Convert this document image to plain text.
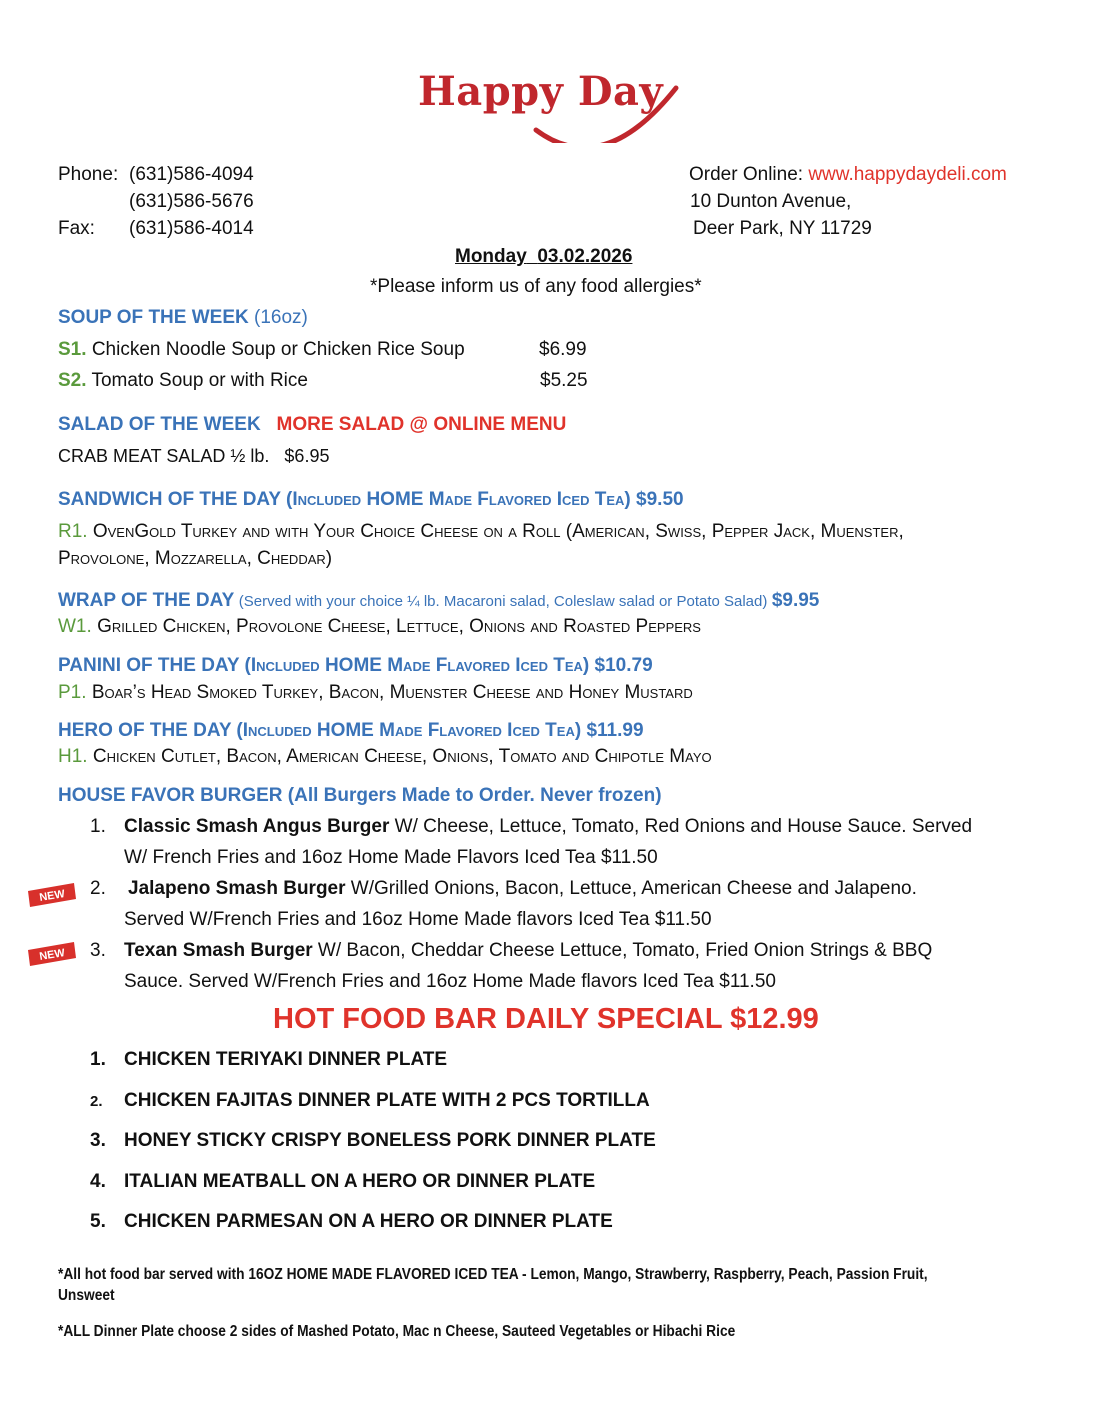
Happy Day
Phone: (631)586-4094
(631)586-5676
Fax: (631)586-4014
Order Online: www.happydaydeli.com
10 Dunton Avenue,
Deer Park, NY 11729
Monday 03.02.2026
*Please inform us of any food allergies*
SOUP OF THE WEEK (16oz)
S1. Chicken Noodle Soup or Chicken Rice Soup	$6.99
S2. Tomato Soup or with Rice	$5.25
SALAD OF THE WEEK MORE SALAD @ ONLINE MENU
CRAB MEAT SALAD ½ lb. $6.95
SANDWICH OF THE DAY (Included HOME Made Flavored Iced Tea) $9.50
R1. OvenGold Turkey and with Your Choice Cheese on a Roll (American, Swiss, Pepper Jack, Muenster,
Provolone, Mozzarella, Cheddar)
WRAP OF THE DAY (Served with your choice ¼ lb. Macaroni salad, Coleslaw salad or Potato Salad) $9.95
W1. Grilled Chicken, Provolone Cheese, Lettuce, Onions and Roasted Peppers
PANINI OF THE DAY (Included HOME Made Flavored Iced Tea) $10.79
P1. Boar’s Head Smoked Turkey, Bacon, Muenster Cheese and Honey Mustard
HERO OF THE DAY (Included HOME Made Flavored Iced Tea) $11.99
H1. Chicken Cutlet, Bacon, American Cheese, Onions, Tomato and Chipotle Mayo
HOUSE FAVOR BURGER (All Burgers Made to Order. Never frozen)
1. Classic Smash Angus Burger W/ Cheese, Lettuce, Tomato, Red Onions and House Sauce. Served
W/ French Fries and 16oz Home Made Flavors Iced Tea $11.50
NEW 2. Jalapeno Smash Burger W/Grilled Onions, Bacon, Lettuce, American Cheese and Jalapeno.
Served W/French Fries and 16oz Home Made flavors Iced Tea $11.50
NEW 3. Texan Smash Burger W/ Bacon, Cheddar Cheese Lettuce, Tomato, Fried Onion Strings & BBQ
Sauce. Served W/French Fries and 16oz Home Made flavors Iced Tea $11.50
HOT FOOD BAR DAILY SPECIAL $12.99
1. CHICKEN TERIYAKI DINNER PLATE
2. CHICKEN FAJITAS DINNER PLATE WITH 2 PCS TORTILLA
3. HONEY STICKY CRISPY BONELESS PORK DINNER PLATE
4. ITALIAN MEATBALL ON A HERO OR DINNER PLATE
5. CHICKEN PARMESAN ON A HERO OR DINNER PLATE
*All hot food bar served with 16OZ HOME MADE FLAVORED ICED TEA - Lemon, Mango, Strawberry, Raspberry, Peach, Passion Fruit,
Unsweet
*ALL Dinner Plate choose 2 sides of Mashed Potato, Mac n Cheese, Sauteed Vegetables or Hibachi Rice
